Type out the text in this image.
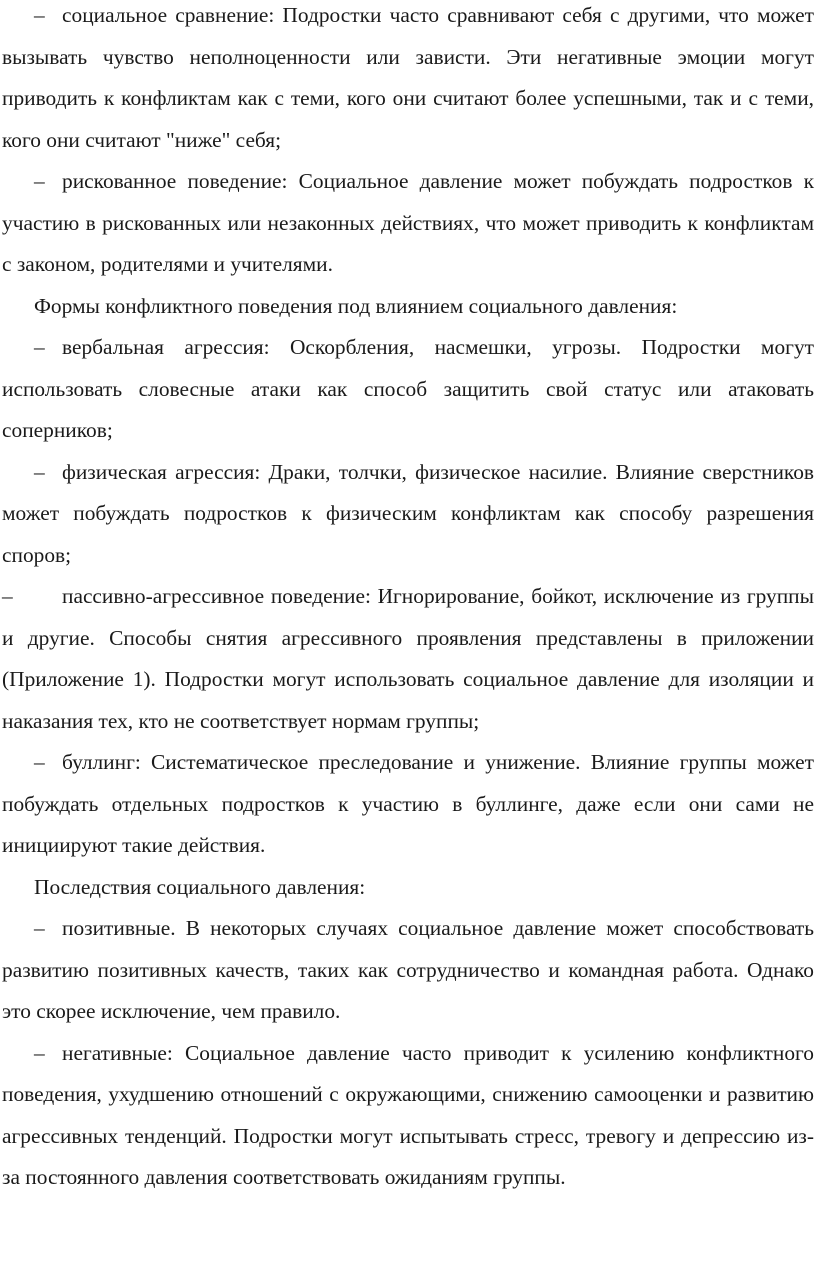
– социальное сравнение: Подростки часто сравнивают себя с другими, что может вызывать чувство неполноценности или зависти. Эти негативные эмоции могут приводить к конфликтам как с теми, кого они считают более успешными, так и с теми, кого они считают "ниже" себя;

– рискованное поведение: Социальное давление может побуждать подростков к участию в рискованных или незаконных действиях, что может приводить к конфликтам с законом, родителями и учителями.

Формы конфликтного поведения под влиянием социального давления:

– вербальная агрессия: Оскорбления, насмешки, угрозы. Подростки могут использовать словесные атаки как способ защитить свой статус или атаковать соперников;

– физическая агрессия: Драки, толчки, физическое насилие. Влияние сверстников может побуждать подростков к физическим конфликтам как способу разрешения споров;

– пассивно-агрессивное поведение: Игнорирование, бойкот, исключение из группы и другие. Способы снятия агрессивного проявления представлены в приложении (Приложение 1). Подростки могут использовать социальное давление для изоляции и наказания тех, кто не соответствует нормам группы;

– буллинг: Систематическое преследование и унижение. Влияние группы может побуждать отдельных подростков к участию в буллинге, даже если они сами не инициируют такие действия.

Последствия социального давления:

– позитивные. В некоторых случаях социальное давление может способствовать развитию позитивных качеств, таких как сотрудничество и командная работа. Однако это скорее исключение, чем правило.

– негативные: Социальное давление часто приводит к усилению конфликтного поведения, ухудшению отношений с окружающими, снижению самооценки и развитию агрессивных тенденций. Подростки могут испытывать стресс, тревогу и депрессию из-за постоянного давления соответствовать ожиданиям группы.
